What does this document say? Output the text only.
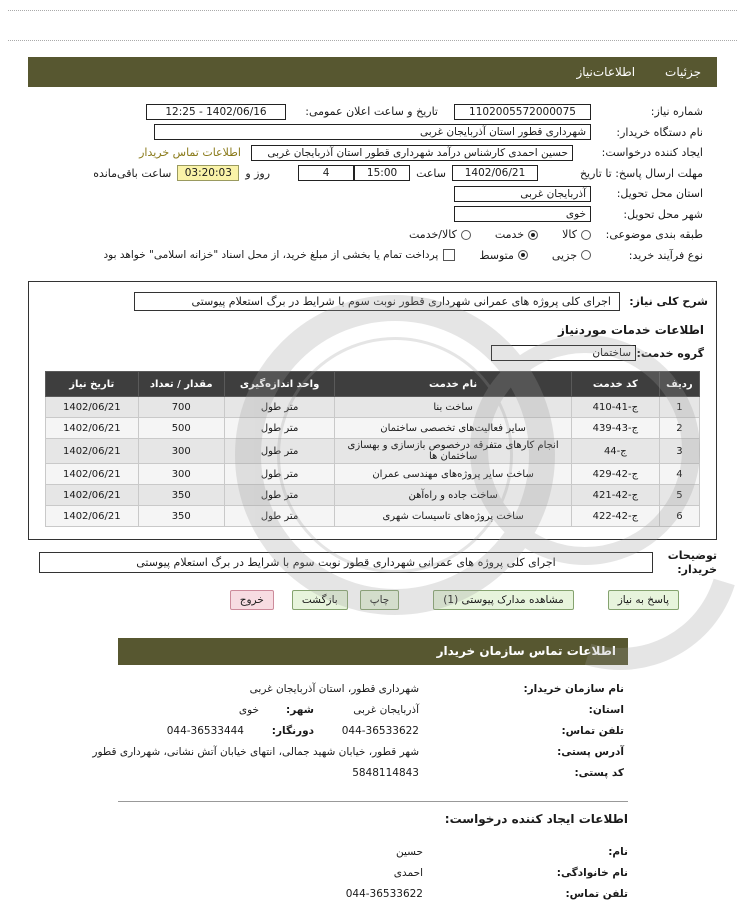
جزئیات
اطلاعات‌نیاز
شماره نیاز:
1102005572000075
تاریخ و ساعت اعلان عمومی:
12:25 - 1402/06/16
نام دستگاه خریدار:
شهرداری قطور استان آذربایجان غربی
ایجاد کننده درخواست:
حسین احمدی کارشناس درآمد شهرداری قطور استان آذربایجان غربی
اطلاعات تماس خریدار
مهلت ارسال پاسخ: تا تاریخ
1402/06/21
ساعت
15:00
4
روز و
03:20:03
ساعت باقی‌مانده
استان محل تحویل:
آذربایجان غربی
شهر محل تحویل:
خوی
طبقه بندی موضوعی:
کالا
خدمت
کالا/خدمت
نوع فرآیند خرید:
جزیی
متوسط
پرداخت تمام یا بخشی از مبلغ خرید، از محل اسناد "خزانه اسلامی" خواهد بود
شرح کلی نیاز:
اجرای کلی پروژه های عمرانی شهرداری قطور نوبت سوم با شرایط در برگ استعلام پیوستی
اطلاعات خدمات موردنیاز
گروه خدمت:
ساختمان
ردیف	کد خدمت	نام خدمت	واحد اندازه‌گیری	مقدار / تعداد	تاریخ نیاز
1	ج-41-410	ساخت بنا	متر طول	700	1402/06/21
2	ج-43-439	سایر فعالیت‌های تخصصی ساختمان	متر طول	500	1402/06/21
3	ج-44	انجام کارهای متفرقه درخصوص بازسازی و بهسازی ساختمان ها	متر طول	300	1402/06/21
4	ج-42-429	ساخت سایر پروژه‌های مهندسی عمران	متر طول	300	1402/06/21
5	ج-42-421	ساخت جاده و راه‌آهن	متر طول	350	1402/06/21
6	ج-42-422	ساخت پروژه‌های تاسیسات شهری	متر طول	350	1402/06/21
توضیحات خریدار:
اجرای کلی پروژه های عمرانی شهرداری قطور نوبت سوم با شرایط در برگ استعلام پیوستی
پاسخ به نیاز
مشاهده مدارک پیوستی (1)
چاپ
بازگشت
خروج
اطلاعات تماس سازمان خریدار
نام سازمان خریدار:
شهرداری قطور، استان آذربایجان غربی
استان:
آذربایجان غربی
شهر:
خوی
تلفن تماس:
044-36533622
دورنگار:
044-36533444
آدرس پستی:
شهر قطور، خیابان شهید جمالی، انتهای خیابان آتش نشانی، شهرداری قطور
کد پستی:
5848114843
اطلاعات ایجاد کننده درخواست:
نام:
حسین
نام خانوادگی:
احمدی
تلفن تماس:
044-36533622
